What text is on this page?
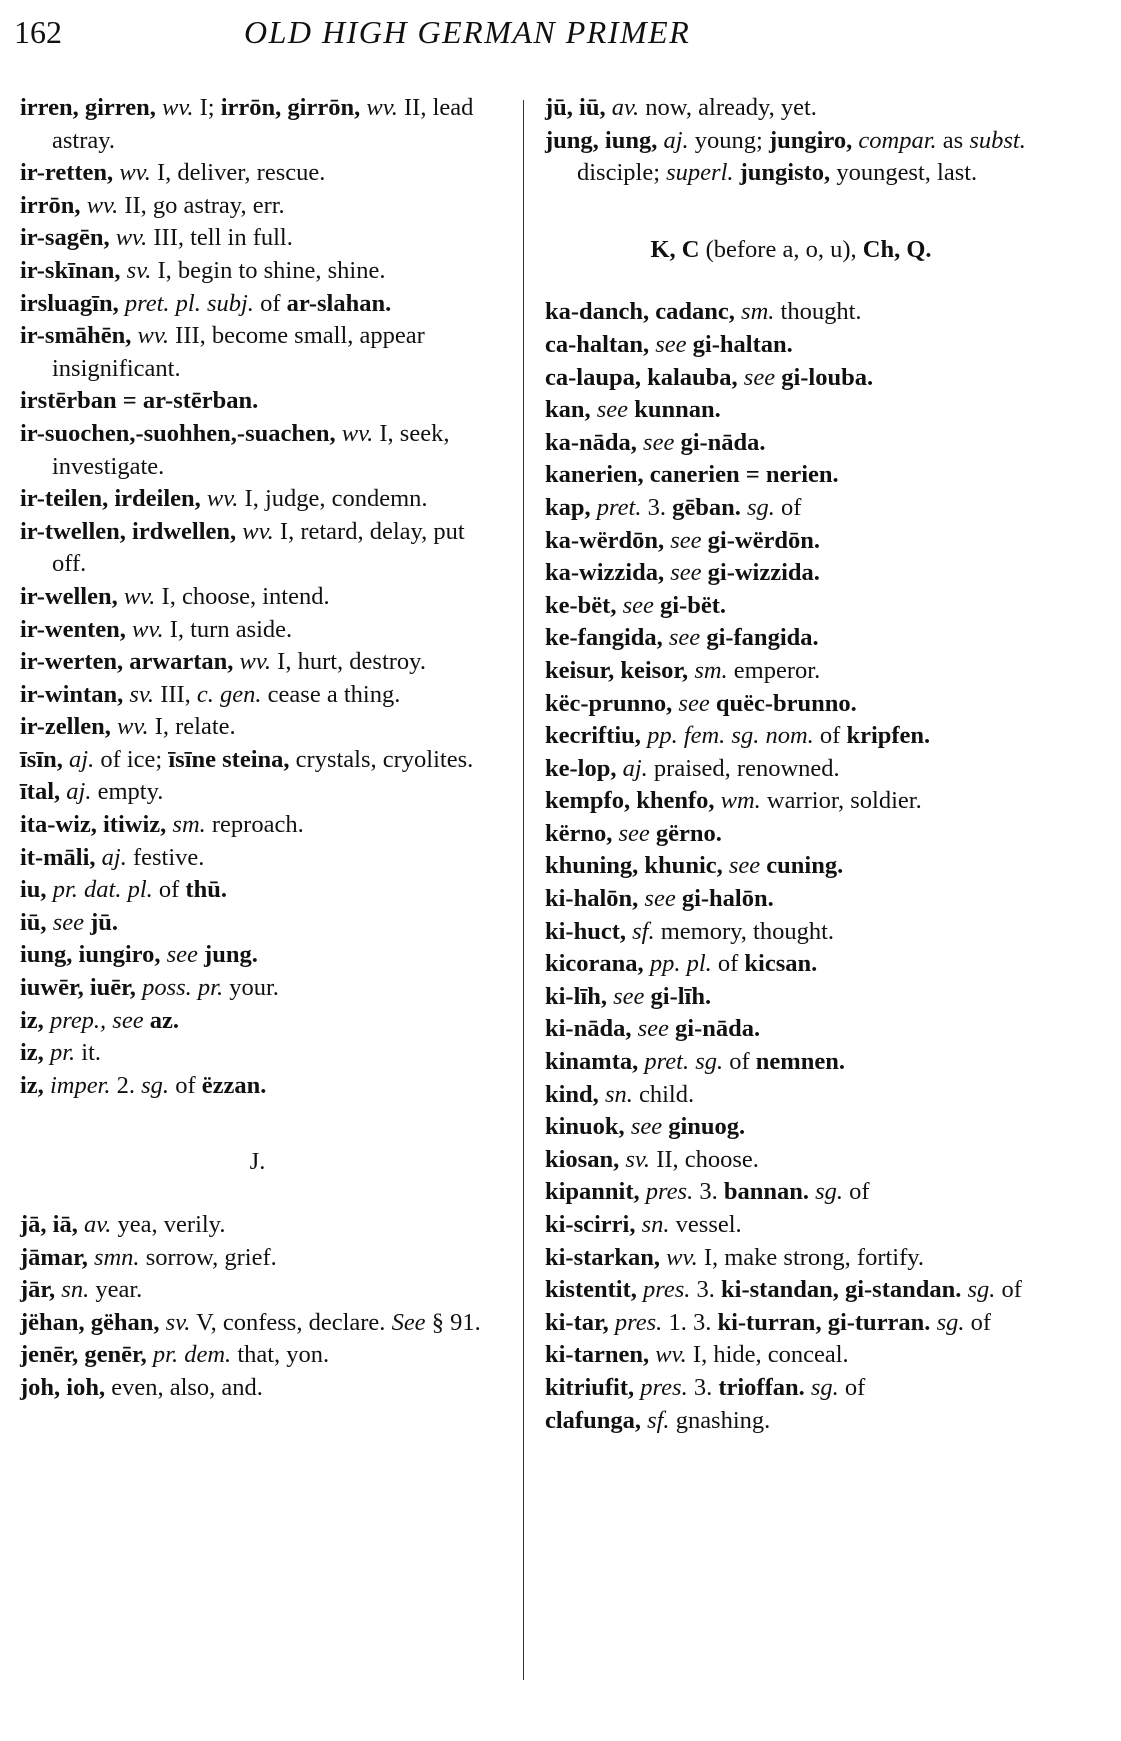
162	OLD HIGH GERMAN PRIMER

irren, girren, wv. I; irrōn, girrōn, wv. II, lead astray.

ir-retten, wv. I, deliver, rescue.

irrōn, wv. II, go astray, err.

ir-sagēn, wv. III, tell in full.

ir-skīnan, sv. I, begin to shine, shine.

irsluagīn, pret. pl. subj. of ar-slahan.

ir-smāhēn, wv. III, become small, appear insignificant.

irstērban = ar-stērban.

ir-suochen,-suohhen,-suachen, wv. I, seek, investigate.

ir-teilen, irdeilen, wv. I, judge, condemn.

ir-twellen, irdwellen, wv. I, retard, delay, put off.

ir-wellen, wv. I, choose, intend.

ir-wenten, wv. I, turn aside.

ir-werten, arwartan, wv. I, hurt, destroy.

ir-wintan, sv. III, c. gen. cease a thing.

ir-zellen, wv. I, relate.

īsīn, aj. of ice; īsīne steina, crystals, cryolites.

ītal, aj. empty.

ita-wiz, itiwiz, sm. reproach.

it-māli, aj. festive.

iu, pr. dat. pl. of thū.

iū, see jū.

iung, iungiro, see jung.

iuwēr, iuēr, poss. pr. your.

iz, prep., see az.

iz, pr. it.

iz, imper. 2. sg. of ëzzan.

J.

jā, iā, av. yea, verily.

jāmar, smn. sorrow, grief.

jār, sn. year.

jëhan, gëhan, sv. V, confess, declare. See § 91.

jenēr, genēr, pr. dem. that, yon.

joh, ioh, even, also, and.

jū, iū, av. now, already, yet.

jung, iung, aj. young; jungiro, compar. as subst. disciple; superl. jungisto, youngest, last.

K, C (before a, o, u), Ch, Q.

ka-danch, cadanc, sm. thought.

ca-haltan, see gi-haltan.

ca-laupa, kalauba, see gi-louba.

kan, see kunnan.

ka-nāda, see gi-nāda.

kanerien, canerien = nerien.

kap, pret. 3. gēban. sg. of

ka-wërdōn, see gi-wërdōn.

ka-wizzida, see gi-wizzida.

ke-bët, see gi-bët.

ke-fangida, see gi-fangida.

keisur, keisor, sm. emperor.

këc-prunno, see quëc-brunno.

kecriftiu, pp. fem. sg. nom. of kripfen.

ke-lop, aj. praised, renowned.

kempfo, khenfo, wm. warrior, soldier.

kërno, see gërno.

khuning, khunic, see cuning.

ki-halōn, see gi-halōn.

ki-huct, sf. memory, thought.

kicorana, pp. pl. of kicsan.

ki-līh, see gi-līh.

ki-nāda, see gi-nāda.

kinamta, pret. sg. of nemnen.

kind, sn. child.

kinuok, see ginuog.

kiosan, sv. II, choose.

kipannit, pres. 3. bannan. sg. of

ki-scirri, sn. vessel.

ki-starkan, wv. I, make strong, fortify.

kistentit, pres. 3. ki-standan, gi-standan. sg. of

ki-tar, pres. 1. 3. ki-turran, gi-turran. sg. of

ki-tarnen, wv. I, hide, conceal.

kitriufit, pres. 3. trioffan. sg. of

clafunga, sf. gnashing.
